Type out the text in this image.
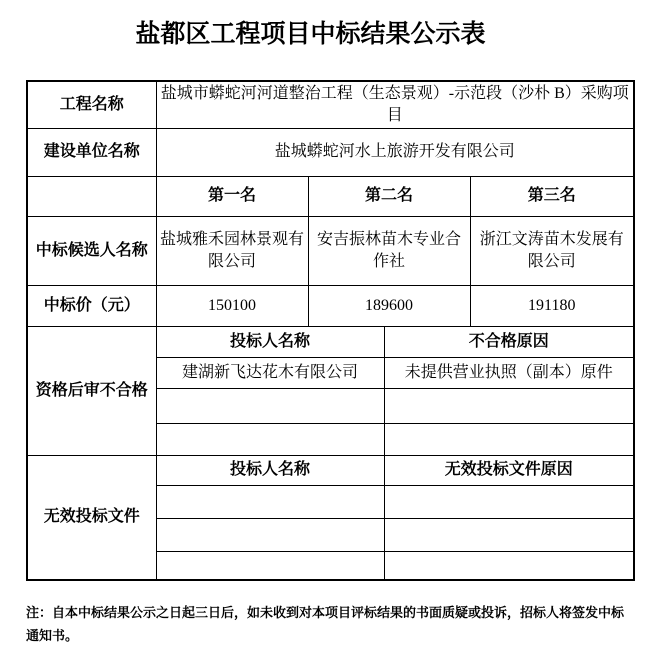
盐都区工程项目中标结果公示表
工程名称	盐城市蟒蛇河河道整治工程（生态景观）-示范段（沙朴 B）采购项目			
建设单位名称	盐城蟒蛇河水上旅游开发有限公司			
	第一名	第二名		第三名
中标候选人名称	盐城雅禾园林景观有限公司	安吉振林苗木专业合作社		浙江文涛苗木发展有限公司
中标价（元）	150100	189600		191180
资格后审不合格	投标人名称		不合格原因	
	建湖新飞达花木有限公司		未提供营业执照（副本）原件	

无效投标文件	投标人名称		无效投标文件原因	

注：自本中标结果公示之日起三日后，如未收到对本项目评标结果的书面质疑或投诉，招标人将签发中标
通知书。
